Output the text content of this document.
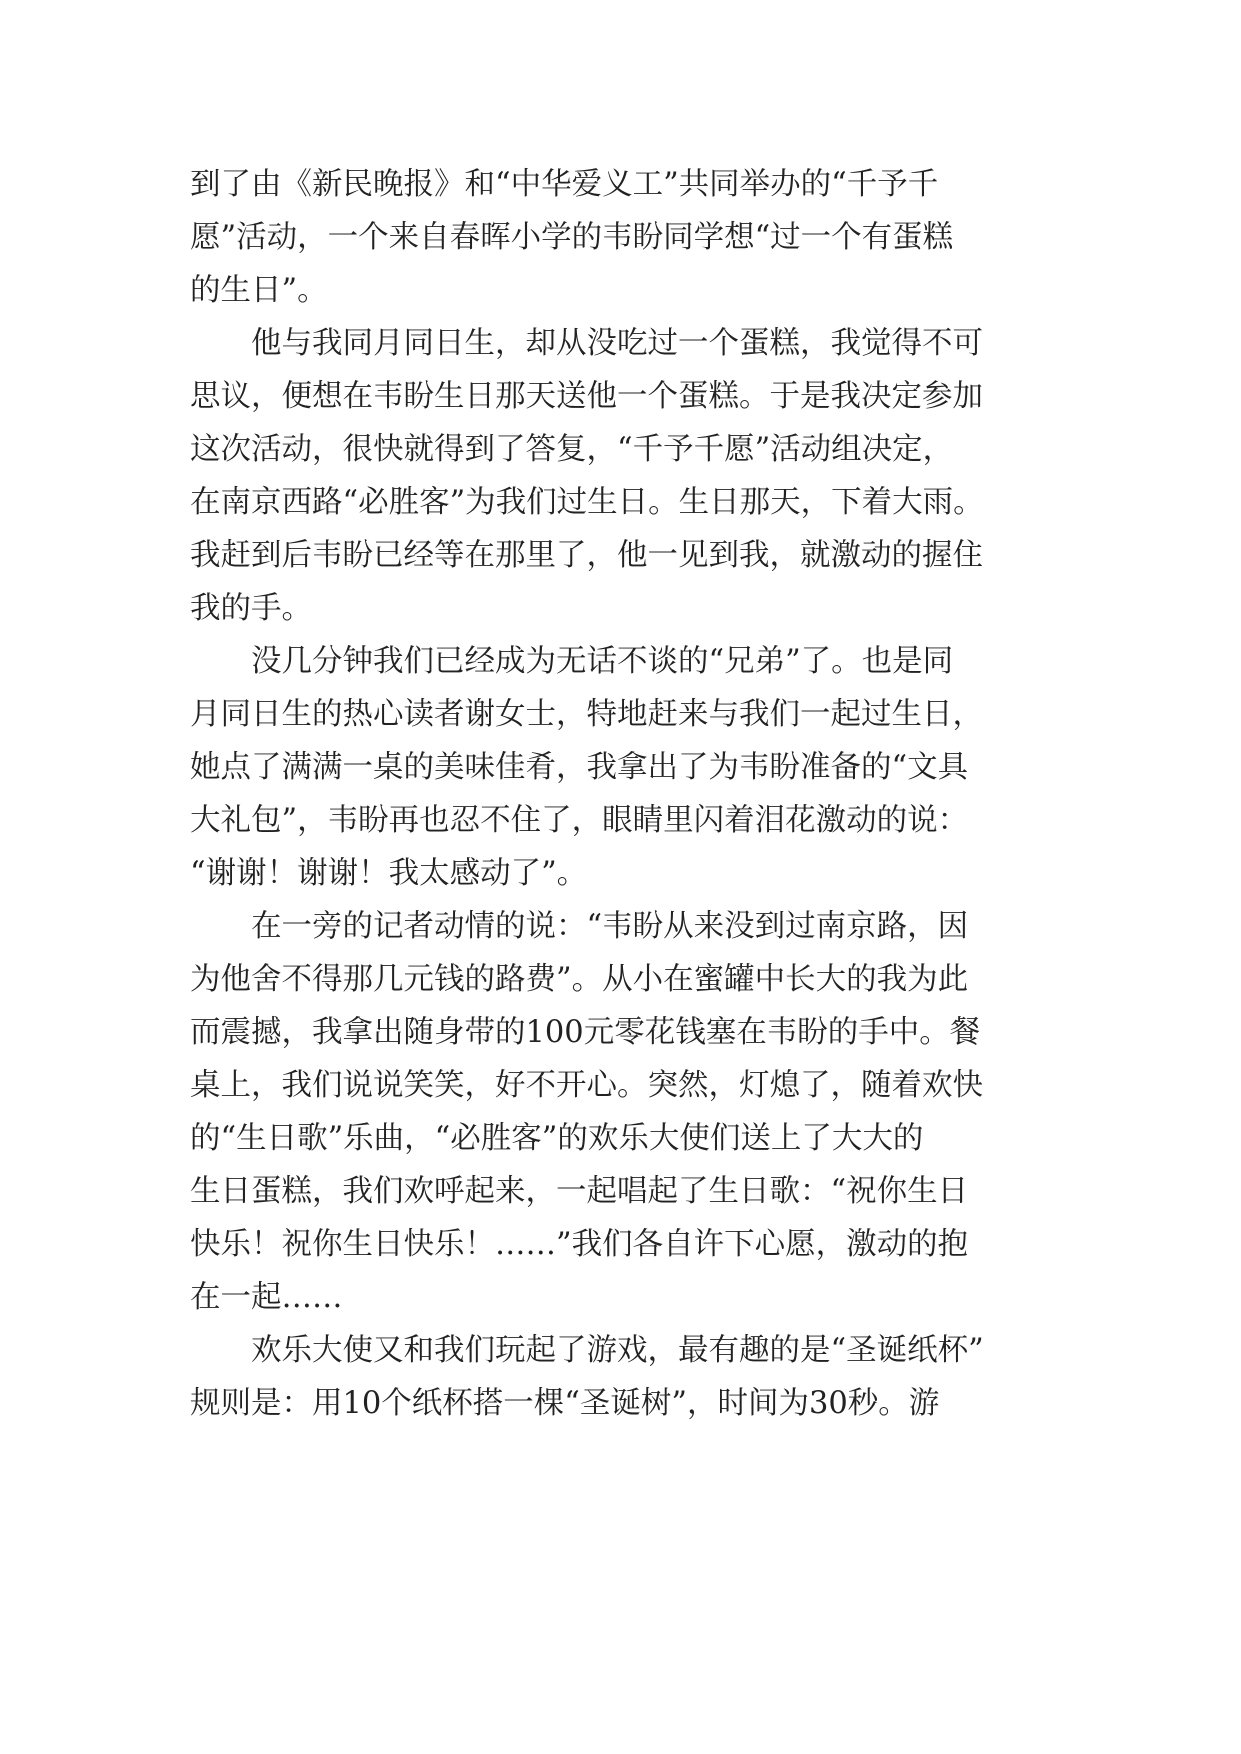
到了由《新民晚报》和“中华爱义工”共同举办的“千予千
愿”活动，一个来自春晖小学的韦盼同学想“过一个有蛋糕
的生日”。

　　他与我同月同日生，却从没吃过一个蛋糕，我觉得不可
思议，便想在韦盼生日那天送他一个蛋糕。于是我决定参加
这次活动，很快就得到了答复，“千予千愿”活动组决定，
在南京西路“必胜客”为我们过生日。生日那天，下着大雨。
我赶到后韦盼已经等在那里了，他一见到我，就激动的握住
我的手。

　　没几分钟我们已经成为无话不谈的“兄弟”了。也是同
月同日生的热心读者谢女士，特地赶来与我们一起过生日，
她点了满满一桌的美味佳肴，我拿出了为韦盼准备的“文具
大礼包”，韦盼再也忍不住了，眼睛里闪着泪花激动的说：
“谢谢！谢谢！我太感动了”。

　　在一旁的记者动情的说：“韦盼从来没到过南京路，因
为他舍不得那几元钱的路费”。从小在蜜罐中长大的我为此
而震撼，我拿出随身带的100元零花钱塞在韦盼的手中。餐
桌上，我们说说笑笑，好不开心。突然，灯熄了，随着欢快
的“生日歌”乐曲，“必胜客”的欢乐大使们送上了大大的
生日蛋糕，我们欢呼起来，一起唱起了生日歌：“祝你生日
快乐！祝你生日快乐！……”我们各自许下心愿，激动的抱
在一起……

　　欢乐大使又和我们玩起了游戏，最有趣的是“圣诞纸杯”
规则是：用10个纸杯搭一棵“圣诞树”，时间为30秒。游
